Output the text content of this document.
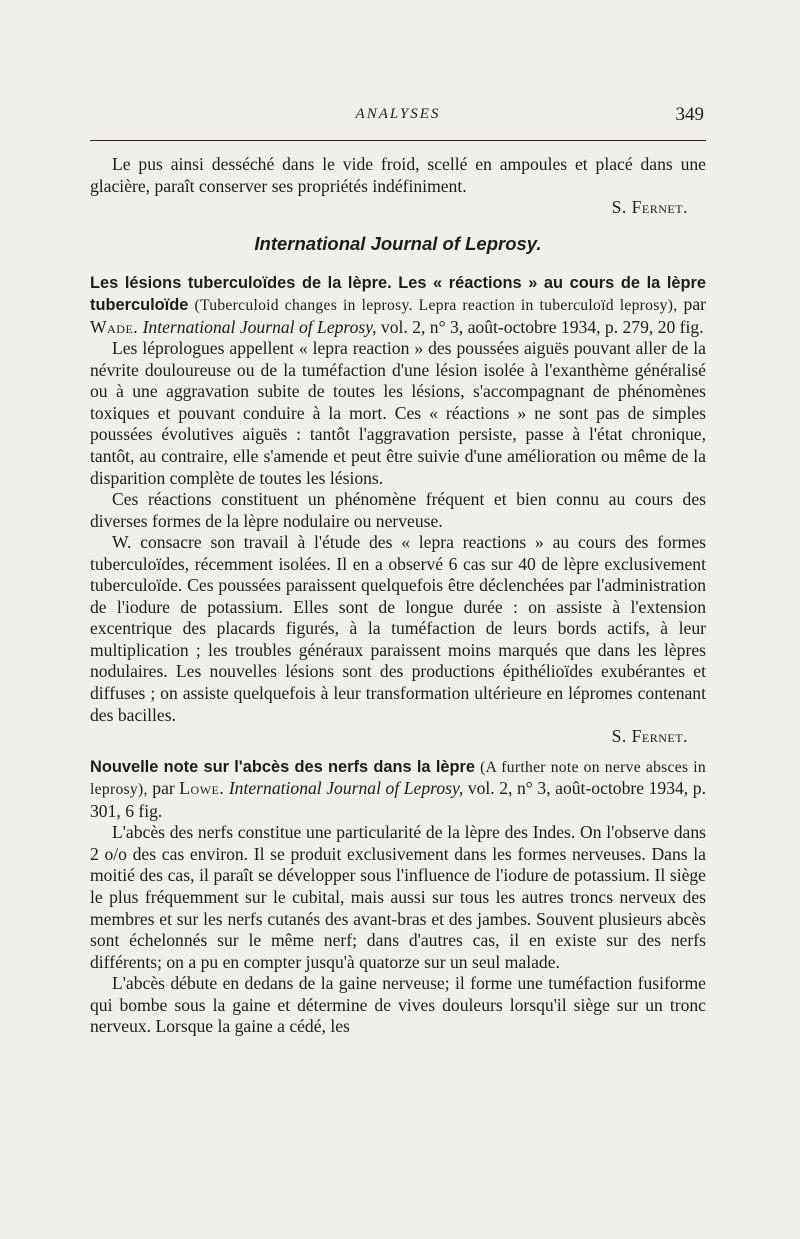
ANALYSES	349

Le pus ainsi desséché dans le vide froid, scellé en ampoules et placé dans une glacière, paraît conserver ses propriétés indéfiniment.

S. Fernet.
International Journal of Leprosy.
Les lésions tuberculoïdes de la lèpre. Les « réactions » au cours de la lèpre tuberculoïde (Tuberculoid changes in leprosy. Lepra reaction in tuberculoïd leprosy), par Wade. International Journal of Leprosy, vol. 2, n° 3, août-octobre 1934, p. 279, 20 fig.

Les léprologues appellent « lepra reaction » des poussées aiguës pouvant aller de la névrite douloureuse ou de la tuméfaction d'une lésion isolée à l'exanthème généralisé ou à une aggravation subite de toutes les lésions, s'accompagnant de phénomènes toxiques et pouvant conduire à la mort. Ces « réactions » ne sont pas de simples poussées évolutives aiguës : tantôt l'aggravation persiste, passe à l'état chronique, tantôt, au contraire, elle s'amende et peut être suivie d'une amélioration ou même de la disparition complète de toutes les lésions.

Ces réactions constituent un phénomène fréquent et bien connu au cours des diverses formes de la lèpre nodulaire ou nerveuse.

W. consacre son travail à l'étude des « lepra reactions » au cours des formes tuberculoïdes, récemment isolées. Il en a observé 6 cas sur 40 de lèpre exclusivement tuberculoïde. Ces poussées paraissent quelquefois être déclenchées par l'administration de l'iodure de potassium. Elles sont de longue durée : on assiste à l'extension excentrique des placards figurés, à la tuméfaction de leurs bords actifs, à leur multiplication ; les troubles généraux paraissent moins marqués que dans les lèpres nodulaires. Les nouvelles lésions sont des productions épithélioïdes exubérantes et diffuses ; on assiste quelquefois à leur transformation ultérieure en lépromes contenant des bacilles.

S. Fernet.
Nouvelle note sur l'abcès des nerfs dans la lèpre (A further note on nerve absces in leprosy), par Lowe. International Journal of Leprosy, vol. 2, n° 3, août-octobre 1934, p. 301, 6 fig.

L'abcès des nerfs constitue une particularité de la lèpre des Indes. On l'observe dans 2 o/o des cas environ. Il se produit exclusivement dans les formes nerveuses. Dans la moitié des cas, il paraît se développer sous l'influence de l'iodure de potassium. Il siège le plus fréquemment sur le cubital, mais aussi sur tous les autres troncs nerveux des membres et sur les nerfs cutanés des avant-bras et des jambes. Souvent plusieurs abcès sont échelonnés sur le même nerf; dans d'autres cas, il en existe sur des nerfs différents; on a pu en compter jusqu'à quatorze sur un seul malade.

L'abcès débute en dedans de la gaine nerveuse; il forme une tuméfaction fusiforme qui bombe sous la gaine et détermine de vives douleurs lorsqu'il siège sur un tronc nerveux. Lorsque la gaine a cédé, les
